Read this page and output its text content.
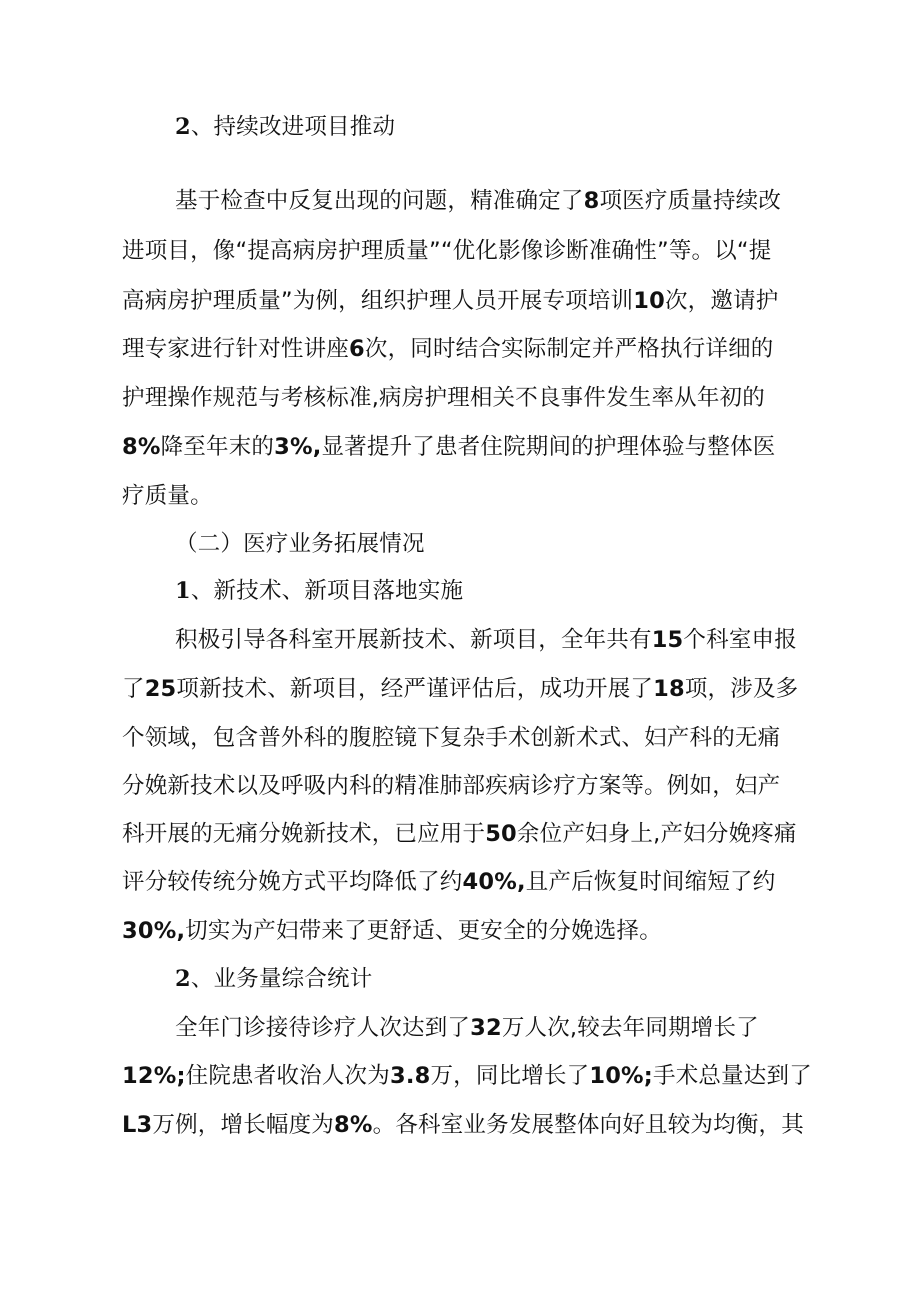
2、持续改进项目推动
基于检查中反复出现的问题，精准确定了8项医疗质量持续改
进项目，像“提高病房护理质量”“优化影像诊断准确性”等。以“提
高病房护理质量”为例，组织护理人员开展专项培训10次，邀请护
理专家进行针对性讲座6次，同时结合实际制定并严格执行详细的
护理操作规范与考核标准,病房护理相关不良事件发生率从年初的
8%降至年末的3%,显著提升了患者住院期间的护理体验与整体医
疗质量。
（二）医疗业务拓展情况
1、新技术、新项目落地实施
积极引导各科室开展新技术、新项目，全年共有15个科室申报
了25项新技术、新项目，经严谨评估后，成功开展了18项，涉及多
个领域，包含普外科的腹腔镜下复杂手术创新术式、妇产科的无痛
分娩新技术以及呼吸内科的精准肺部疾病诊疗方案等。例如，妇产
科开展的无痛分娩新技术，已应用于50余位产妇身上,产妇分娩疼痛
评分较传统分娩方式平均降低了约40%,且产后恢复时间缩短了约
30%,切实为产妇带来了更舒适、更安全的分娩选择。
2、业务量综合统计
全年门诊接待诊疗人次达到了32万人次,较去年同期增长了
12%;住院患者收治人次为3.8万，同比增长了10%;手术总量达到了
L3万例，增长幅度为8%。各科室业务发展整体向好且较为均衡，其
